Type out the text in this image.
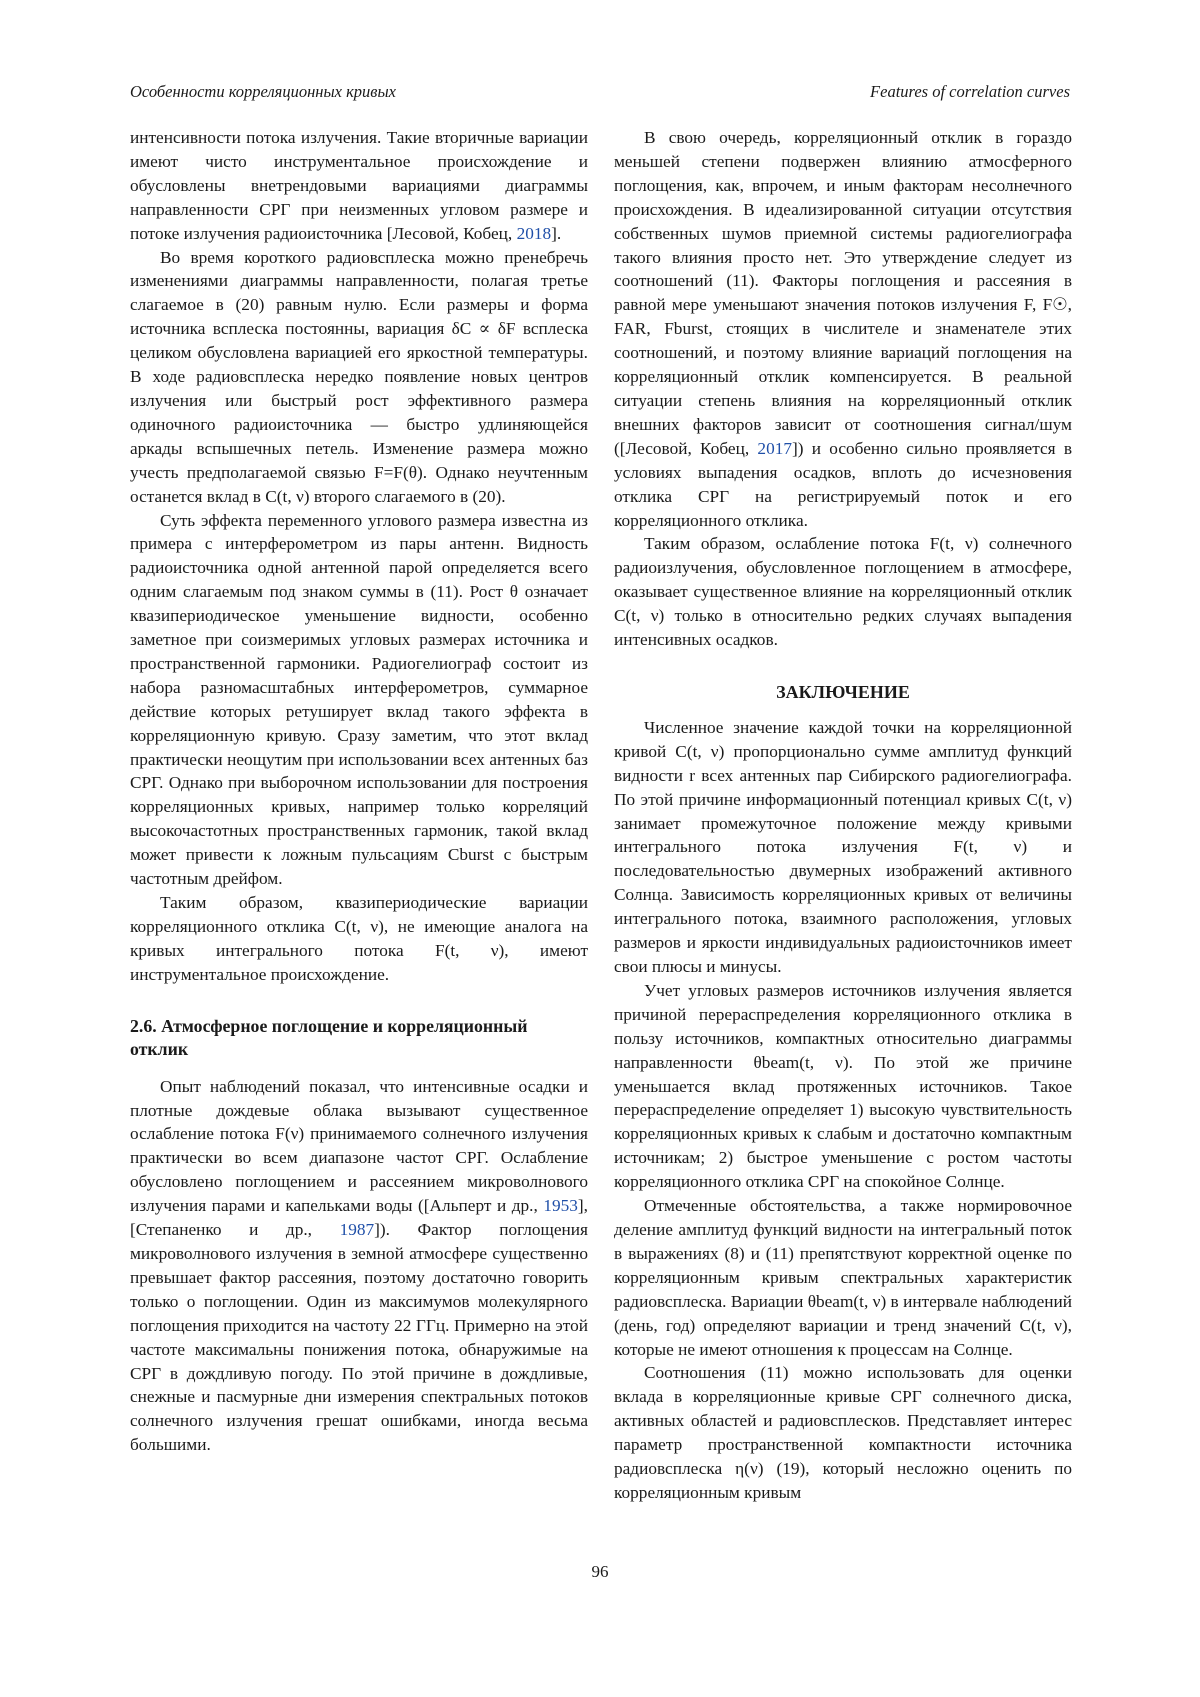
Особенности корреляционных кривых	Features of correlation curves

интенсивности потока излучения. Такие вторичные вариации имеют чисто инструментальное происхождение и обусловлены внетрендовыми вариациями диаграммы направленности СРГ при неизменных угловом размере и потоке излучения радиоисточника [Лесовой, Кобец, 2018].

Во время короткого радиовсплеска можно пренебречь изменениями диаграммы направленности, полагая третье слагаемое в (20) равным нулю. Если размеры и форма источника всплеска постоянны, вариация δC ∝ δF всплеска целиком обусловлена вариацией его яркостной температуры. В ходе радиовсплеска нередко появление новых центров излучения или быстрый рост эффективного размера одиночного радиоисточника — быстро удлиняющейся аркады вспышечных петель. Изменение размера можно учесть предполагаемой связью F=F(θ). Однако неучтенным останется вклад в C(t, ν) второго слагаемого в (20).

Суть эффекта переменного углового размера известна из примера с интерферометром из пары антенн. Видность радиоисточника одной антенной парой определяется всего одним слагаемым под знаком суммы в (11). Рост θ означает квазипериодическое уменьшение видности, особенно заметное при соизмеримых угловых размерах источника и пространственной гармоники. Радиогелиограф состоит из набора разномасштабных интерферометров, суммарное действие которых ретуширует вклад такого эффекта в корреляционную кривую. Сразу заметим, что этот вклад практически неощутим при использовании всех антенных баз СРГ. Однако при выборочном использовании для построения корреляционных кривых, например только корреляций высокочастотных пространственных гармоник, такой вклад может привести к ложным пульсациям Cburst с быстрым частотным дрейфом.

Таким образом, квазипериодические вариации корреляционного отклика C(t, ν), не имеющие аналога на кривых интегрального потока F(t, ν), имеют инструментальное происхождение.

2.6. Атмосферное поглощение и корреляционный отклик

Опыт наблюдений показал, что интенсивные осадки и плотные дождевые облака вызывают существенное ослабление потока F(ν) принимаемого солнечного излучения практически во всем диапазоне частот СРГ. Ослабление обусловлено поглощением и рассеянием микроволнового излучения парами и капельками воды ([Альперт и др., 1953], [Степаненко и др., 1987]). Фактор поглощения микроволнового излучения в земной атмосфере существенно превышает фактор рассеяния, поэтому достаточно говорить только о поглощении. Один из максимумов молекулярного поглощения приходится на частоту 22 ГГц. Примерно на этой частоте максимальны понижения потока, обнаружимые на СРГ в дождливую погоду. По этой причине в дождливые, снежные и пасмурные дни измерения спектральных потоков солнечного излучения грешат ошибками, иногда весьма большими.

В свою очередь, корреляционный отклик в гораздо меньшей степени подвержен влиянию атмосферного поглощения, как, впрочем, и иным факторам несолнечного происхождения. В идеализированной ситуации отсутствия собственных шумов приемной системы радиогелиографа такого влияния просто нет. Это утверждение следует из соотношений (11). Факторы поглощения и рассеяния в равной мере уменьшают значения потоков излучения F, F☉, FAR, Fburst, стоящих в числителе и знаменателе этих соотношений, и поэтому влияние вариаций поглощения на корреляционный отклик компенсируется. В реальной ситуации степень влияния на корреляционный отклик внешних факторов зависит от соотношения сигнал/шум ([Лесовой, Кобец, 2017]) и особенно сильно проявляется в условиях выпадения осадков, вплоть до исчезновения отклика СРГ на регистрируемый поток и его корреляционного отклика.

Таким образом, ослабление потока F(t, ν) солнечного радиоизлучения, обусловленное поглощением в атмосфере, оказывает существенное влияние на корреляционный отклик C(t, ν) только в относительно редких случаях выпадения интенсивных осадков.

ЗАКЛЮЧЕНИЕ

Численное значение каждой точки на корреляционной кривой C(t, ν) пропорционально сумме амплитуд функций видности r всех антенных пар Сибирского радиогелиографа. По этой причине информационный потенциал кривых C(t, ν) занимает промежуточное положение между кривыми интегрального потока излучения F(t, ν) и последовательностью двумерных изображений активного Солнца. Зависимость корреляционных кривых от величины интегрального потока, взаимного расположения, угловых размеров и яркости индивидуальных радиоисточников имеет свои плюсы и минусы.

Учет угловых размеров источников излучения является причиной перераспределения корреляционного отклика в пользу источников, компактных относительно диаграммы направленности θbeam(t, ν). По этой же причине уменьшается вклад протяженных источников. Такое перераспределение определяет 1) высокую чувствительность корреляционных кривых к слабым и достаточно компактным источникам; 2) быстрое уменьшение с ростом частоты корреляционного отклика СРГ на спокойное Солнце.

Отмеченные обстоятельства, а также нормировочное деление амплитуд функций видности на интегральный поток в выражениях (8) и (11) препятствуют корректной оценке по корреляционным кривым спектральных характеристик радиовсплеска. Вариации θbeam(t, ν) в интервале наблюдений (день, год) определяют вариации и тренд значений C(t, ν), которые не имеют отношения к процессам на Солнце.

Соотношения (11) можно использовать для оценки вклада в корреляционные кривые СРГ солнечного диска, активных областей и радиовсплесков. Представляет интерес параметр пространственной компактности источника радиовсплеска η(ν) (19), который несложно оценить по корреляционным кривым

96
